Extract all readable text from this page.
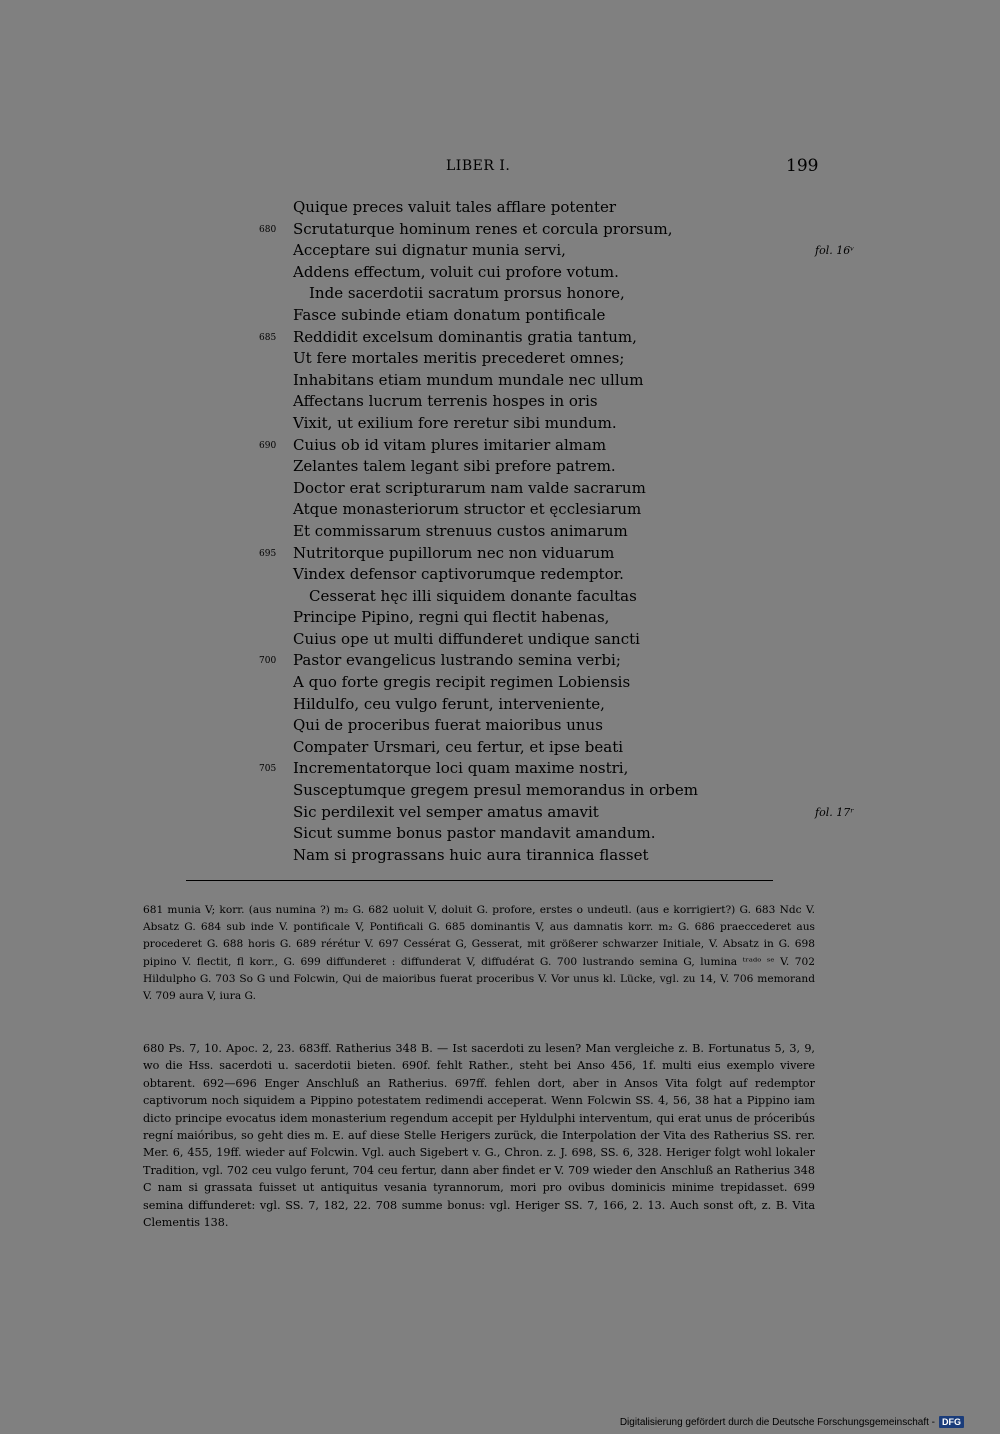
LIBER I.	199
Quique preces valuit tales afflare potenter
680 Scrutaturque hominum renes et corcula prorsum,
Acceptare sui dignatur munia servi,	fol. 16ᵛ
Addens effectum, voluit cui profore votum.
Inde sacerdotii sacratum prorsus honore,
Fasce subinde etiam donatum pontificale
685 Reddidit excelsum dominantis gratia tantum,
Ut fere mortales meritis precederet omnes;
Inhabitans etiam mundum mundale nec ullum
Affectans lucrum terrenis hospes in oris
Vixit, ut exilium fore reretur sibi mundum.
690 Cuius ob id vitam plures imitarier almam
Zelantes talem legant sibi prefore patrem.
Doctor erat scripturarum nam valde sacrarum
Atque monasteriorum structor et ęcclesiarum
Et commissarum strenuus custos animarum
695 Nutritorque pupillorum nec non viduarum
Vindex defensor captivorumque redemptor.
Cesserat hęc illi siquidem donante facultas
Principe Pipino, regni qui flectit habenas,
Cuius ope ut multi diffunderet undique sancti
700 Pastor evangelicus lustrando semina verbi;
A quo forte gregis recipit regimen Lobiensis
Hildulfo, ceu vulgo ferunt, interveniente,
Qui de proceribus fuerat maioribus unus
Compater Ursmari, ceu fertur, et ipse beati
705 Incrementatorque loci quam maxime nostri,
Susceptumque gregem presul memorandus in orbem
Sic perdilexit vel semper amatus amavit	fol. 17ʳ
Sicut summe bonus pastor mandavit amandum.
Nam si prograssans huic aura tirannica flasset

681 munia V; korr. (aus numina ?) m₂ G. 682 uoluit V, doluit G. profore, erstes o undeutl. (aus e korrigiert?) G. 683 Ndc V. Absatz G. 684 sub inde V. pontificale V, Pontificali G. 685 dominantis V, aus damnatis korr. m₂ G. 686 praeccederet aus procederet G. 688 horis G. 689 rérétur V. 697 Cessérat G, Gesserat, mit größerer schwarzer Initiale, V. Absatz in G. 698 pipino V. flectit, fl korr., G. 699 diffunderet : diffunderat V, diffudérat G. 700 lustrando semina G, lumina ᵗʳᵃᵈᵒ ˢᵉ V. 702 Hildulpho G. 703 So G und Folcwin, Qui de maioribus fuerat proceribus V. Vor unus kl. Lücke, vgl. zu 14, V. 706 memorand V. 709 aura V, iura G.

680 Ps. 7, 10. Apoc. 2, 23. 683ff. Ratherius 348 B. — Ist sacerdoti zu lesen? Man vergleiche z. B. Fortunatus 5, 3, 9, wo die Hss. sacerdoti u. sacerdotii bieten. 690f. fehlt Rather., steht bei Anso 456, 1f. multi eius exemplo vivere obtarent. 692—696 Enger Anschluß an Ratherius. 697ff. fehlen dort, aber in Ansos Vita folgt auf redemptor captivorum noch siquidem a Pippino potestatem redimendi acceperat. Wenn Folcwin SS. 4, 56, 38 hat a Pippino iam dicto principe evocatus idem monasterium regendum accepit per Hyldulphi interventum, qui erat unus de próceribús regní maióribus, so geht dies m. E. auf diese Stelle Herigers zurück, die Interpolation der Vita des Ratherius SS. rer. Mer. 6, 455, 19ff. wieder auf Folcwin. Vgl. auch Sigebert v. G., Chron. z. J. 698, SS. 6, 328. Heriger folgt wohl lokaler Tradition, vgl. 702 ceu vulgo ferunt, 704 ceu fertur, dann aber findet er V. 709 wieder den Anschluß an Ratherius 348 C nam si grassata fuisset ut antiquitus vesania tyrannorum, mori pro ovibus dominicis minime trepidasset. 699 semina diffunderet: vgl. SS. 7, 182, 22. 708 summe bonus: vgl. Heriger SS. 7, 166, 2. 13. Auch sonst oft, z. B. Vita Clementis 138.

Digitalisierung gefördert durch die Deutsche Forschungsgemeinschaft - DFG
